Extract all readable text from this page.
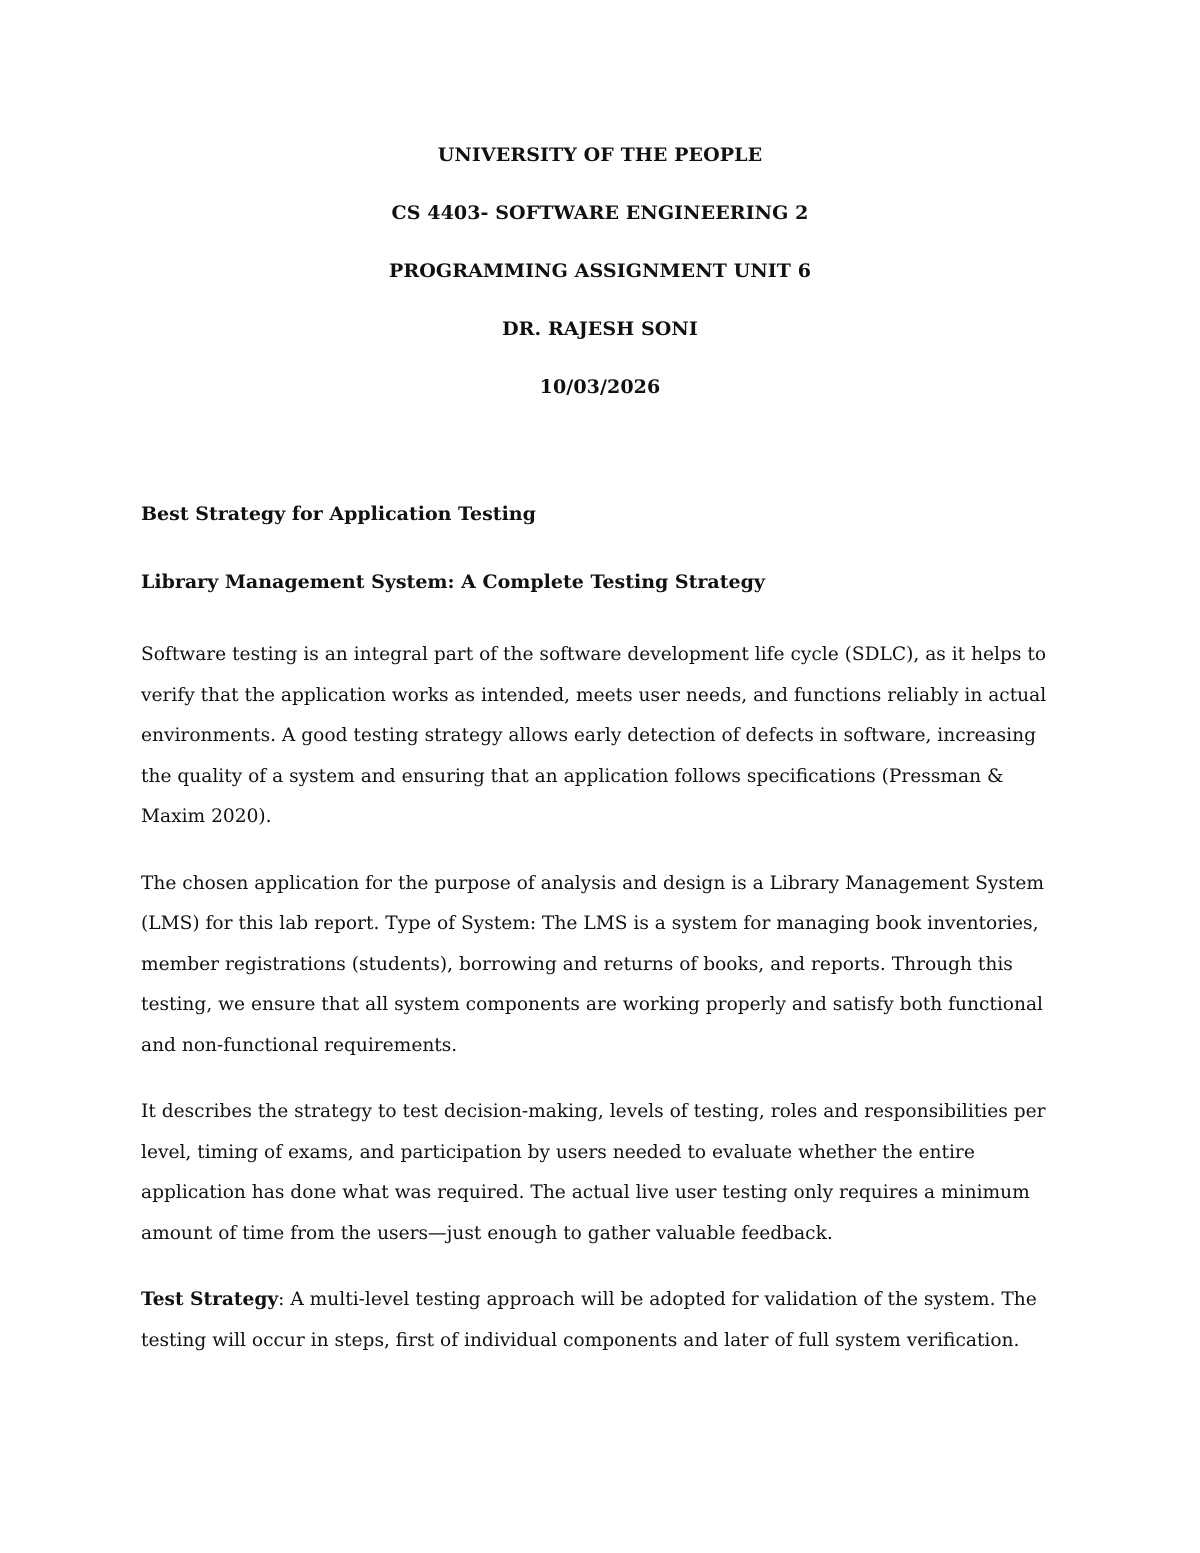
UNIVERSITY OF THE PEOPLE
CS 4403- SOFTWARE ENGINEERING 2
PROGRAMMING ASSIGNMENT UNIT 6
DR. RAJESH SONI
10/03/2026
Best Strategy for Application Testing
Library Management System: A Complete Testing Strategy

Software testing is an integral part of the software development life cycle (SDLC), as it helps to verify that the application works as intended, meets user needs, and functions reliably in actual environments. A good testing strategy allows early detection of defects in software, increasing the quality of a system and ensuring that an application follows specifications (Pressman & Maxim 2020).

The chosen application for the purpose of analysis and design is a Library Management System (LMS) for this lab report. Type of System: The LMS is a system for managing book inventories, member registrations (students), borrowing and returns of books, and reports. Through this testing, we ensure that all system components are working properly and satisfy both functional and non-functional requirements.

It describes the strategy to test decision-making, levels of testing, roles and responsibilities per level, timing of exams, and participation by users needed to evaluate whether the entire application has done what was required. The actual live user testing only requires a minimum amount of time from the users—just enough to gather valuable feedback.

Test Strategy: A multi-level testing approach will be adopted for validation of the system. The testing will occur in steps, first of individual components and later of full system verification.
